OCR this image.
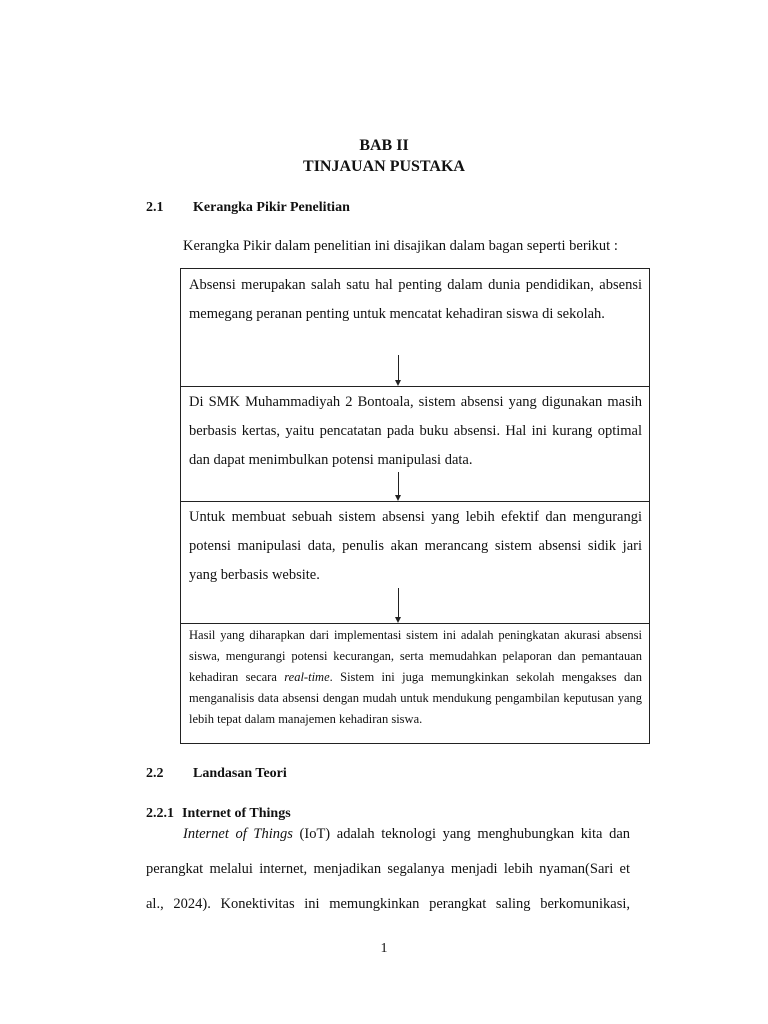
BAB II
TINJAUAN PUSTAKA
2.1 Kerangka Pikir Penelitian
Kerangka Pikir dalam penelitian ini disajikan dalam bagan seperti berikut :

Absensi merupakan salah satu hal penting dalam dunia pendidikan, absensi memegang peranan penting untuk mencatat kehadiran siswa di sekolah.

Di SMK Muhammadiyah 2 Bontoala, sistem absensi yang digunakan masih berbasis kertas, yaitu pencatatan pada buku absensi. Hal ini kurang optimal dan dapat menimbulkan potensi manipulasi data.

Untuk membuat sebuah sistem absensi yang lebih efektif dan mengurangi potensi manipulasi data, penulis akan merancang sistem absensi sidik jari yang berbasis website.

Hasil yang diharapkan dari implementasi sistem ini adalah peningkatan akurasi absensi siswa, mengurangi potensi kecurangan, serta memudahkan pelaporan dan pemantauan kehadiran secara real-time. Sistem ini juga memungkinkan sekolah mengakses dan menganalisis data absensi dengan mudah untuk mendukung pengambilan keputusan yang lebih tepat dalam manajemen kehadiran siswa.

2.2 Landasan Teori
2.2.1 Internet of Things
Internet of Things (IoT) adalah teknologi yang menghubungkan kita dan
perangkat melalui internet, menjadikan segalanya menjadi lebih nyaman(Sari et
al., 2024). Konektivitas ini memungkinkan perangkat saling berkomunikasi,
1
